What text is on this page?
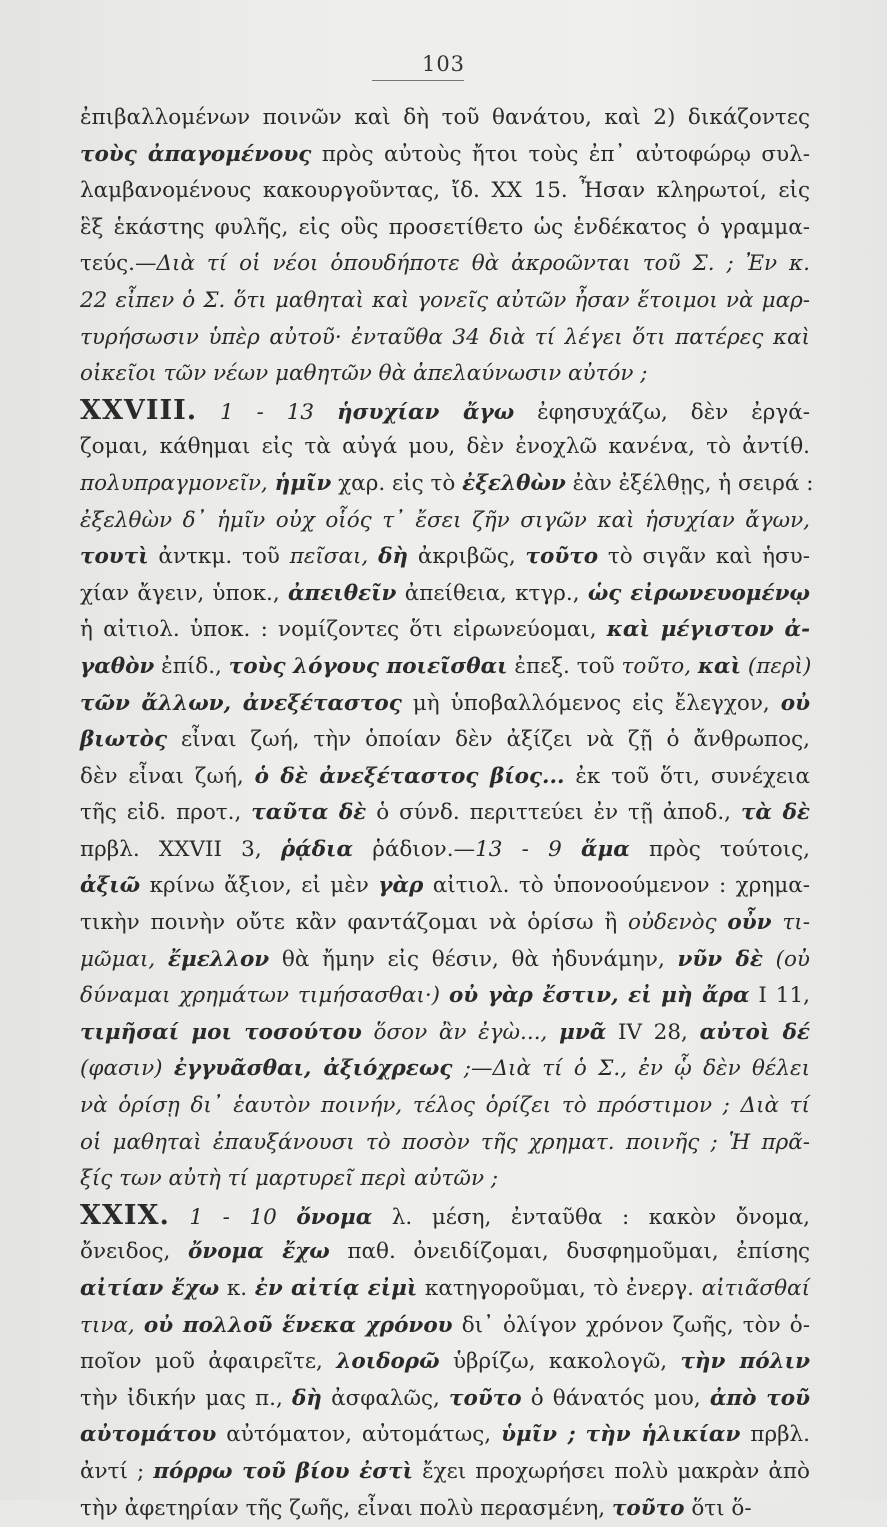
103
ἐπιβαλλομένων ποινῶν καὶ δὴ τοῦ θανάτου, καὶ 2) δικάζοντες
τοὺς ἀπαγομένους πρὸς αὐτοὺς ἤτοι τοὺς ἐπ᾿ αὐτοφώρῳ συλ-
λαμβανομένους κακουργοῦντας, ἴδ. XX 15. Ἦσαν κληρωτοί, εἰς
ἓξ ἑκάστης φυλῆς, εἰς οὓς προσετίθετο ὡς ἑνδέκατος ὁ γραμμα-
τεύς.—Διὰ τί οἱ νέοι ὁπουδήποτε θὰ ἀκροῶνται τοῦ Σ. ; Ἐν κ.
22 εἶπεν ὁ Σ. ὅτι μαθηταὶ καὶ γονεῖς αὐτῶν ἦσαν ἕτοιμοι νὰ μαρ-
τυρήσωσιν ὑπὲρ αὐτοῦ· ἐνταῦθα 34 διὰ τί λέγει ὅτι πατέρες καὶ
οἰκεῖοι τῶν νέων μαθητῶν θὰ ἀπελαύνωσιν αὐτόν ;
XXVIII. 1 - 13 ἡσυχίαν ἄγω ἐφησυχάζω, δὲν ἐργά-
ζομαι, κάθημαι εἰς τὰ αὐγά μου, δὲν ἐνοχλῶ κανένα, τὸ ἀντίθ.
πολυπραγμονεῖν, ἡμῖν χαρ. εἰς τὸ ἐξελθὼν ἐὰν ἐξέλθῃς, ἡ σειρά :
ἐξελθὼν δ᾿ ἡμῖν οὐχ οἷός τ᾿ ἔσει ζῆν σιγῶν καὶ ἡσυχίαν ἄγων,
τουτὶ ἀντκμ. τοῦ πεῖσαι, δὴ ἀκριβῶς, τοῦτο τὸ σιγᾶν καὶ ἡσυ-
χίαν ἄγειν, ὑποκ., ἀπειθεῖν ἀπείθεια, κτγρ., ὡς εἰρωνευομένῳ
ἡ αἰτιολ. ὑποκ. : νομίζοντες ὅτι εἰρωνεύομαι, καὶ μέγιστον ἀ-
γαθὸν ἐπίδ., τοὺς λόγους ποιεῖσθαι ἐπεξ. τοῦ τοῦτο, καὶ (περὶ)
τῶν ἄλλων, ἀνεξέταστος μὴ ὑποβαλλόμενος εἰς ἔλεγχον, οὐ
βιωτὸς εἶναι ζωή, τὴν ὁποίαν δὲν ἀξίζει νὰ ζῇ ὁ ἄνθρωπος,
δὲν εἶναι ζωή, ὁ δὲ ἀνεξέταστος βίος... ἐκ τοῦ ὅτι, συνέχεια
τῆς εἰδ. προτ., ταῦτα δὲ ὁ σύνδ. περιττεύει ἐν τῇ ἀποδ., τὰ δὲ
πρβλ. XXVII 3, ῥᾴδια ῥάδιον.—13 - 9 ἅμα πρὸς τούτοις,
ἀξιῶ κρίνω ἄξιον, εἰ μὲν γὰρ αἰτιολ. τὸ ὑπονοούμενον : χρημα-
τικὴν ποινὴν οὔτε κἂν φαντάζομαι νὰ ὁρίσω ἢ οὐδενὸς οὖν τι-
μῶμαι, ἔμελλον θὰ ἤμην εἰς θέσιν, θὰ ἠδυνάμην, νῦν δὲ (οὐ
δύναμαι χρημάτων τιμήσασθαι·) οὐ γὰρ ἔστιν, εἰ μὴ ἄρα I 11,
τιμῆσαί μοι τοσούτου ὅσον ἂν ἐγὼ..., μνᾶ IV 28, αὐτοὶ δέ
(φασιν) ἐγγυᾶσθαι, ἀξιόχρεως ;—Διὰ τί ὁ Σ., ἐν ᾧ δὲν θέλει
νὰ ὁρίσῃ δι᾿ ἑαυτὸν ποινήν, τέλος ὁρίζει τὸ πρόστιμον ; Διὰ τί
οἱ μαθηταὶ ἐπαυξάνουσι τὸ ποσὸν τῆς χρηματ. ποινῆς ; Ἡ πρᾶ-
ξίς των αὐτὴ τί μαρτυρεῖ περὶ αὐτῶν ;
XXIX. 1 - 10 ὄνομα λ. μέση, ἐνταῦθα : κακὸν ὄνομα,
ὄνειδος, ὄνομα ἔχω παθ. ὀνειδίζομαι, δυσφημοῦμαι, ἐπίσης
αἰτίαν ἔχω κ. ἐν αἰτίᾳ εἰμὶ κατηγοροῦμαι, τὸ ἐνεργ. αἰτιᾶσθαί
τινα, οὐ πολλοῦ ἕνεκα χρόνου δι᾿ ὀλίγον χρόνον ζωῆς, τὸν ὁ-
ποῖον μοῦ ἀφαιρεῖτε, λοιδορῶ ὑβρίζω, κακολογῶ, τὴν πόλιν
τὴν ἰδικήν μας π., δὴ ἀσφαλῶς, τοῦτο ὁ θάνατός μου, ἀπὸ τοῦ
αὐτομάτου αὐτόματον, αὐτομάτως, ὑμῖν ; τὴν ἡλικίαν πρβλ.
ἀντί ; πόρρω τοῦ βίου ἐστὶ ἔχει προχωρήσει πολὺ μακρὰν ἀπὸ
τὴν ἀφετηρίαν τῆς ζωῆς, εἶναι πολὺ περασμένη, τοῦτο ὅτι ὅ-
